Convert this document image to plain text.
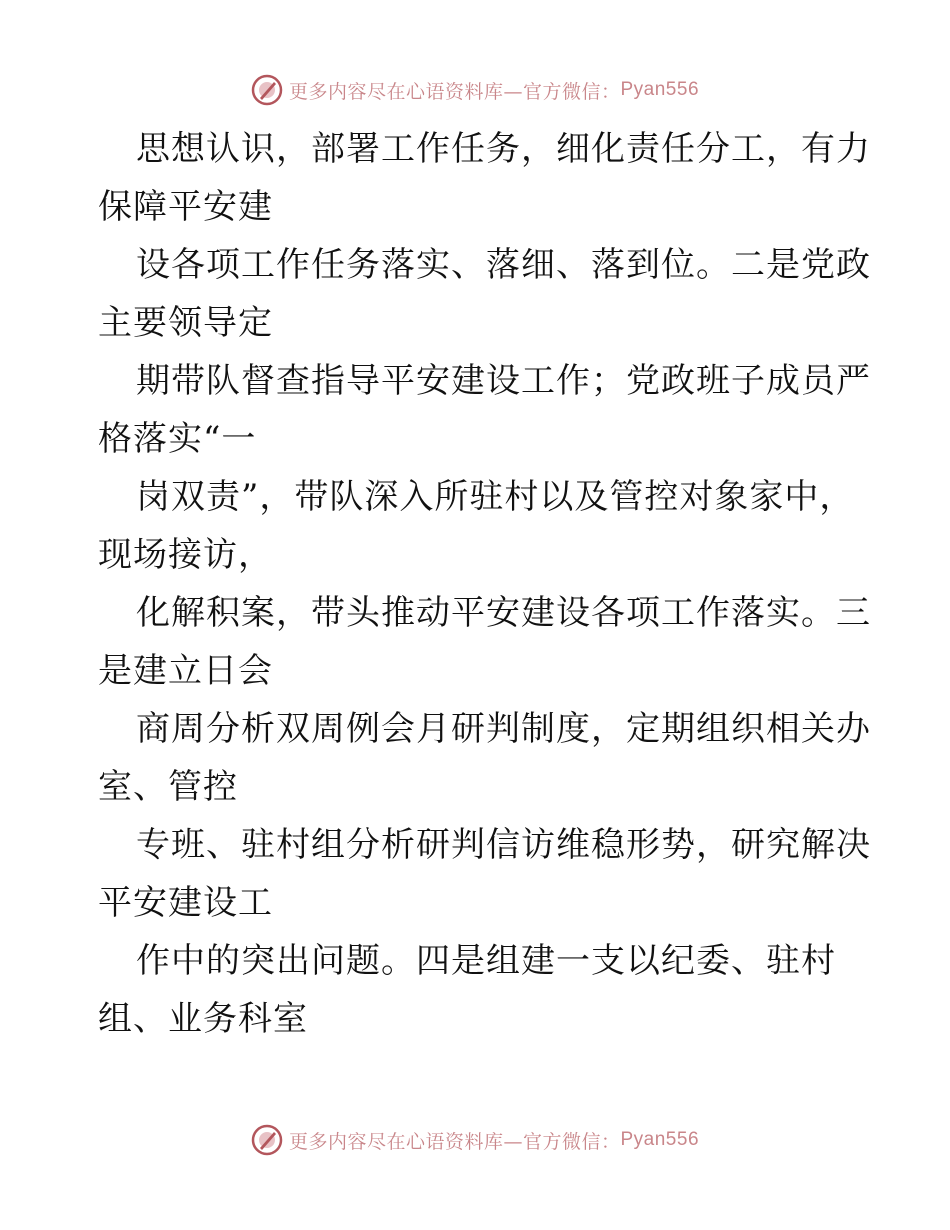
更多内容尽在心语资料库—官方微信： Pyan556

思想认识，部署工作任务，细化责任分工，有力
保障平安建

设各项工作任务落实、落细、落到位。二是党政
主要领导定

期带队督查指导平安建设工作；党政班子成员严
格落实“一

岗双责”，带队深入所驻村以及管控对象家中，
现场接访，

化解积案，带头推动平安建设各项工作落实。三
是建立日会

商周分析双周例会月研判制度，定期组织相关办
室、管控

专班、驻村组分析研判信访维稳形势，研究解决
平安建设工

作中的突出问题。四是组建一支以纪委、驻村
组、业务科室

更多内容尽在心语资料库—官方微信： Pyan556
